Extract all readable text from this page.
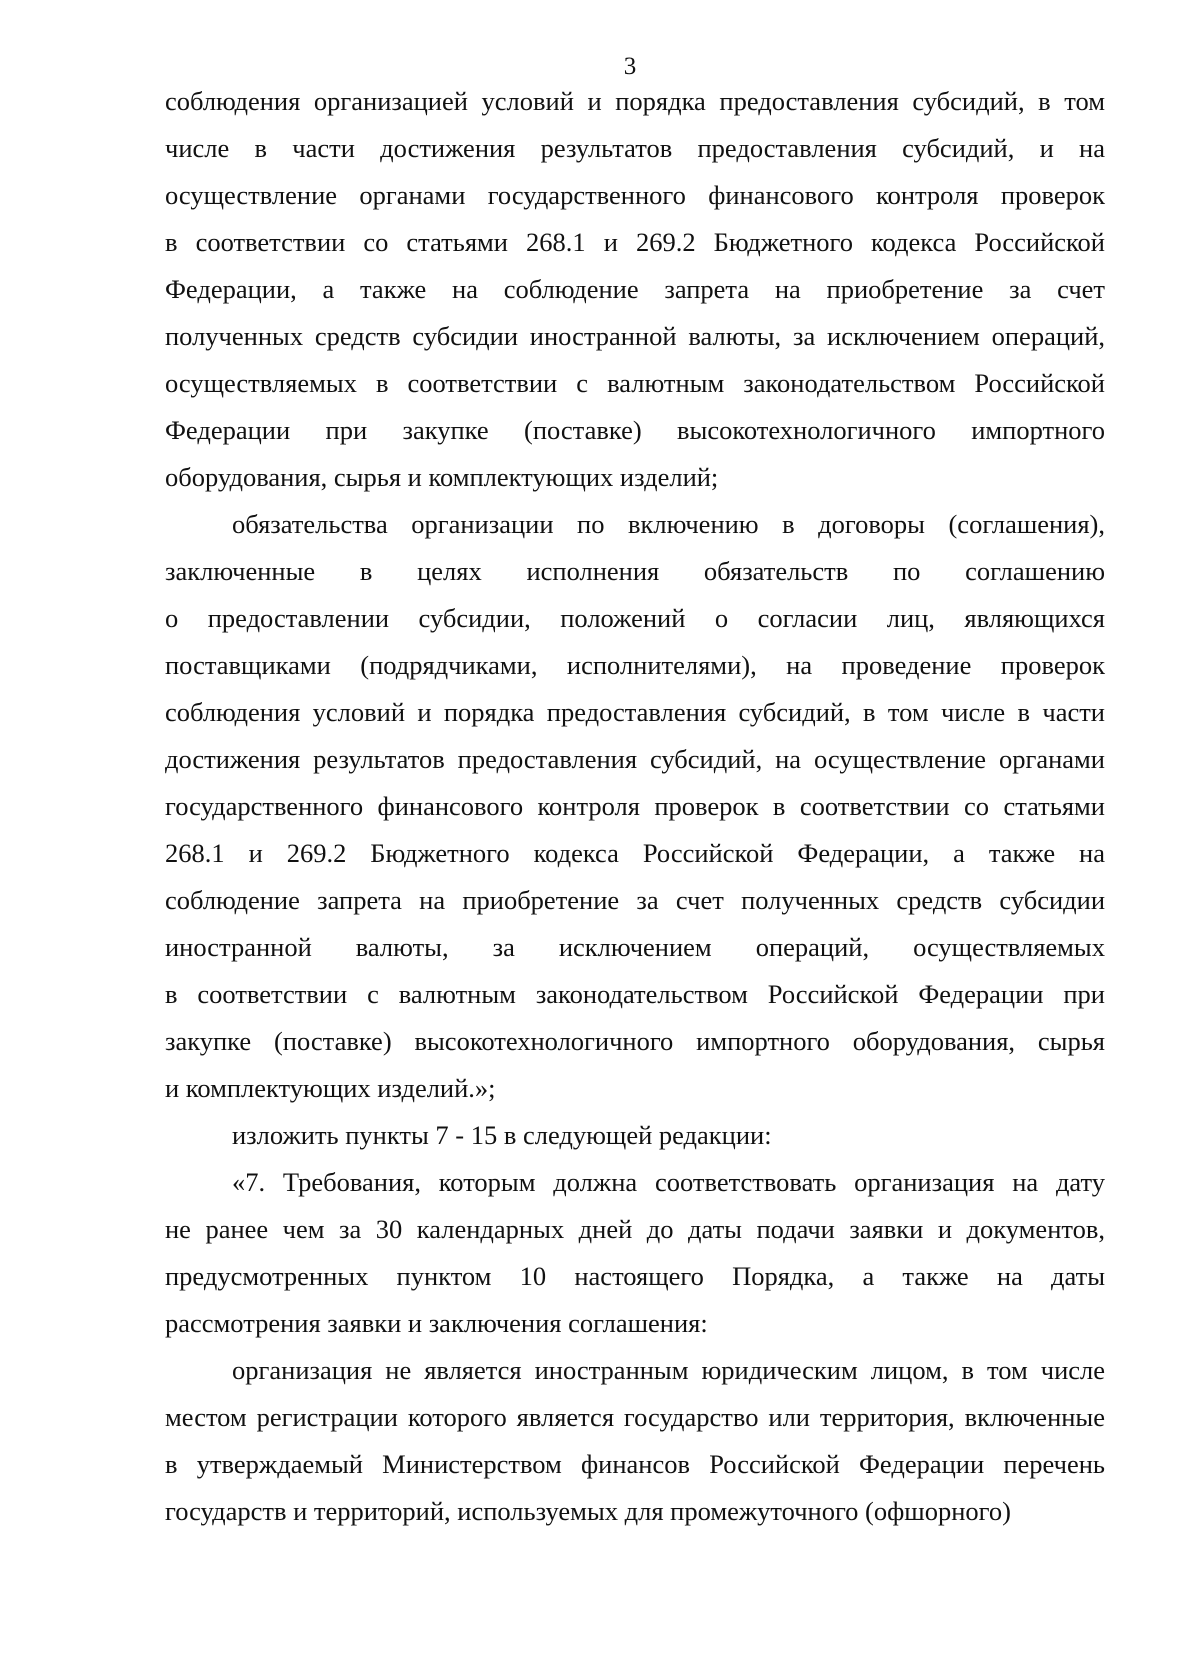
3
соблюдения организацией условий и порядка предоставления субсидий, в том
числе в части достижения результатов предоставления субсидий, и на
осуществление органами государственного финансового контроля проверок
в соответствии со статьями 268.1 и 269.2 Бюджетного кодекса Российской
Федерации, а также на соблюдение запрета на приобретение за счет
полученных средств субсидии иностранной валюты, за исключением операций,
осуществляемых в соответствии с валютным законодательством Российской
Федерации при закупке (поставке) высокотехнологичного импортного
оборудования, сырья и комплектующих изделий;
обязательства организации по включению в договоры (соглашения),
заключенные в целях исполнения обязательств по соглашению
о предоставлении субсидии, положений о согласии лиц, являющихся
поставщиками (подрядчиками, исполнителями), на проведение проверок
соблюдения условий и порядка предоставления субсидий, в том числе в части
достижения результатов предоставления субсидий, на осуществление органами
государственного финансового контроля проверок в соответствии со статьями
268.1 и 269.2 Бюджетного кодекса Российской Федерации, а также на
соблюдение запрета на приобретение за счет полученных средств субсидии
иностранной валюты, за исключением операций, осуществляемых
в соответствии с валютным законодательством Российской Федерации при
закупке (поставке) высокотехнологичного импортного оборудования, сырья
и комплектующих изделий.»;
изложить пункты 7 - 15 в следующей редакции:
«7. Требования, которым должна соответствовать организация на дату
не ранее чем за 30 календарных дней до даты подачи заявки и документов,
предусмотренных пунктом 10 настоящего Порядка, а также на даты
рассмотрения заявки и заключения соглашения:
организация не является иностранным юридическим лицом, в том числе
местом регистрации которого является государство или территория, включенные
в утверждаемый Министерством финансов Российской Федерации перечень
государств и территорий, используемых для промежуточного (офшорного)
